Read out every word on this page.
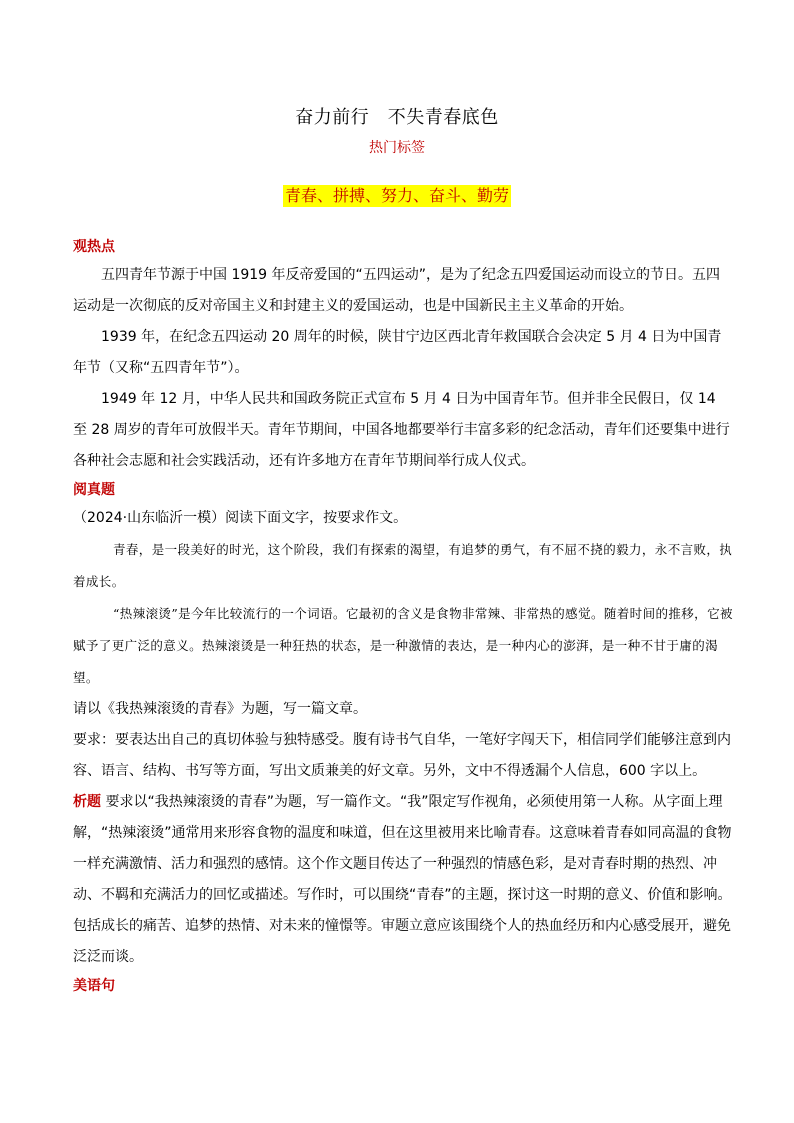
奋力前行　不失青春底色
热门标签
青春、拼搏、努力、奋斗、勤劳
观热点

五四青年节源于中国 1919 年反帝爱国的“五四运动”，是为了纪念五四爱国运动而设立的节日。五四运动是一次彻底的反对帝国主义和封建主义的爱国运动，也是中国新民主主义革命的开始。

1939 年，在纪念五四运动 20 周年的时候，陕甘宁边区西北青年救国联合会决定 5 月 4 日为中国青年节（又称“五四青年节”）。

1949 年 12 月，中华人民共和国政务院正式宣布 5 月 4 日为中国青年节。但并非全民假日，仅 14 至 28 周岁的青年可放假半天。青年节期间，中国各地都要举行丰富多彩的纪念活动，青年们还要集中进行各种社会志愿和社会实践活动，还有许多地方在青年节期间举行成人仪式。

阅真题

（2024·山东临沂一模）阅读下面文字，按要求作文。

青春，是一段美好的时光，这个阶段，我们有探索的渴望，有追梦的勇气，有不屈不挠的毅力，永不言败，执着成长。

“热辣滚烫”是今年比较流行的一个词语。它最初的含义是食物非常辣、非常热的感觉。随着时间的推移，它被赋予了更广泛的意义。热辣滚烫是一种狂热的状态，是一种激情的表达，是一种内心的澎湃，是一种不甘于庸的渴望。

请以《我热辣滚烫的青春》为题，写一篇文章。

要求：要表达出自己的真切体验与独特感受。腹有诗书气自华，一笔好字闯天下，相信同学们能够注意到内容、语言、结构、书写等方面，写出文质兼美的好文章。另外，文中不得透漏个人信息，600 字以上。

析题 要求以“我热辣滚烫的青春”为题，写一篇作文。“我”限定写作视角，必须使用第一人称。从字面上理解，“热辣滚烫”通常用来形容食物的温度和味道，但在这里被用来比喻青春。这意味着青春如同高温的食物一样充满激情、活力和强烈的感情。这个作文题目传达了一种强烈的情感色彩，是对青春时期的热烈、冲动、不羁和充满活力的回忆或描述。写作时，可以围绕“青春”的主题，探讨这一时期的意义、价值和影响。包括成长的痛苦、追梦的热情、对未来的憧憬等。审题立意应该围绕个人的热血经历和内心感受展开，避免泛泛而谈。

美语句
